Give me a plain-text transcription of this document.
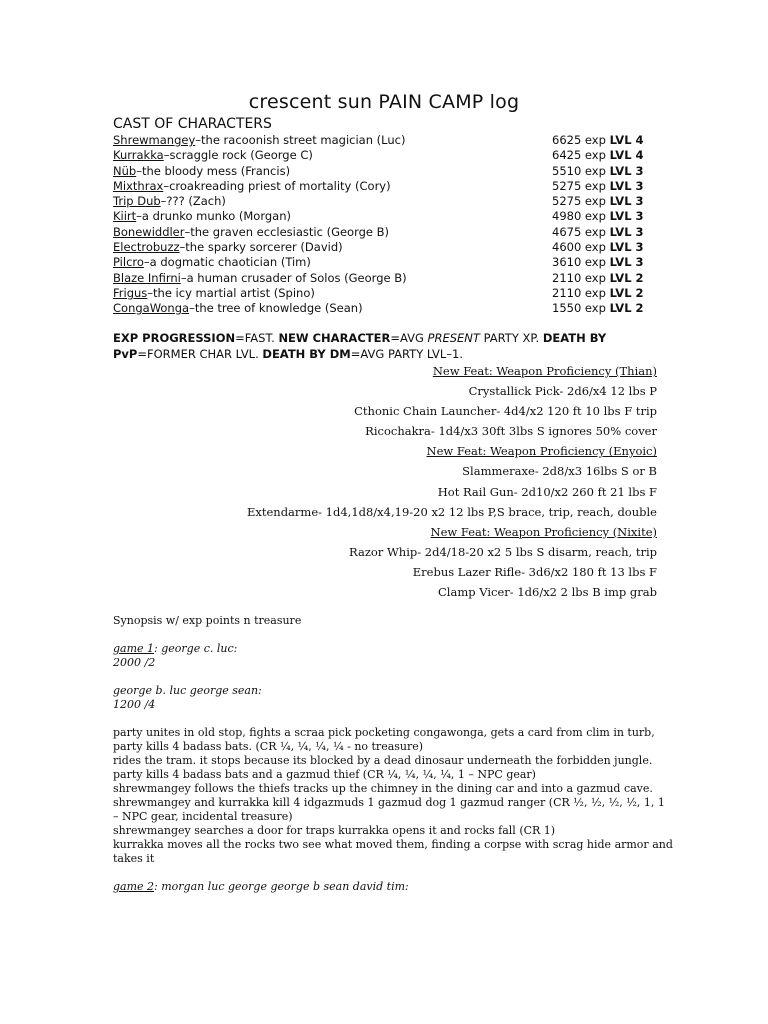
crescent sun PAIN CAMP log
CAST OF CHARACTERS
Shrewmangey–the racoonish street magician (Luc)	6625 exp LVL 4
Kurrakka–scraggle rock (George C)	6425 exp LVL 4
Nüb–the bloody mess (Francis)	5510 exp LVL 3
Mixthrax–croakreading priest of mortality (Cory)	5275 exp LVL 3
Trip Dub–??? (Zach)	5275 exp LVL 3
Kiirt–a drunko munko (Morgan)	4980 exp LVL 3
Bonewiddler–the graven ecclesiastic (George B)	4675 exp LVL 3
Electrobuzz–the sparky sorcerer (David)	4600 exp LVL 3
Pilcro–a dogmatic chaotician (Tim)	3610 exp LVL 3
Blaze Infirni–a human crusader of Solos (George B)	2110 exp LVL 2
Frigus–the icy martial artist (Spino)	2110 exp LVL 2
CongaWonga–the tree of knowledge (Sean)	1550 exp LVL 2
EXP PROGRESSION=FAST. NEW CHARACTER=AVG PRESENT PARTY XP. DEATH BY PvP=FORMER CHAR LVL. DEATH BY DM=AVG PARTY LVL–1.
New Feat: Weapon Proficiency (Thian)
Crystallick Pick- 2d6/x4 12 lbs P
Cthonic Chain Launcher- 4d4/x2 120 ft 10 lbs F trip
Ricochakra- 1d4/x3 30ft 3lbs S ignores 50% cover
New Feat: Weapon Proficiency (Enyoic)
Slammeraxe- 2d8/x3 16lbs S or B
Hot Rail Gun- 2d10/x2 260 ft 21 lbs F
Extendarme- 1d4,1d8/x4,19-20 x2 12 lbs P,S brace, trip, reach, double
New Feat: Weapon Proficiency (Nixite)
Razor Whip- 2d4/18-20 x2 5 lbs S disarm, reach, trip
Erebus Lazer Rifle- 3d6/x2 180 ft 13 lbs F
Clamp Vicer- 1d6/x2 2 lbs B imp grab
Synopsis w/ exp points n treasure
game 1: george c. luc:
2000 /2
george b. luc george sean:
1200 /4

party unites in old stop, fights a scraa pick pocketing congawonga, gets a card from clim in turb, party kills 4 badass bats. (CR ¼, ¼, ¼, ¼ - no treasure)

rides the tram. it stops because its blocked by a dead dinosaur underneath the forbidden jungle. party kills 4 badass bats and a gazmud thief (CR ¼, ¼, ¼, ¼, 1 – NPC gear)

shrewmangey follows the thiefs tracks up the chimney in the dining car and into a gazmud cave. shrewmangey and kurrakka kill 4 idgazmuds 1 gazmud dog 1 gazmud ranger (CR ½, ½, ½, ½, 1, 1 – NPC gear, incidental treasure)

shrewmangey searches a door for traps kurrakka opens it and rocks fall (CR 1)

kurrakka moves all the rocks two see what moved them, finding a corpse with scrag hide armor and takes it

game 2: morgan luc george george b sean david tim:
